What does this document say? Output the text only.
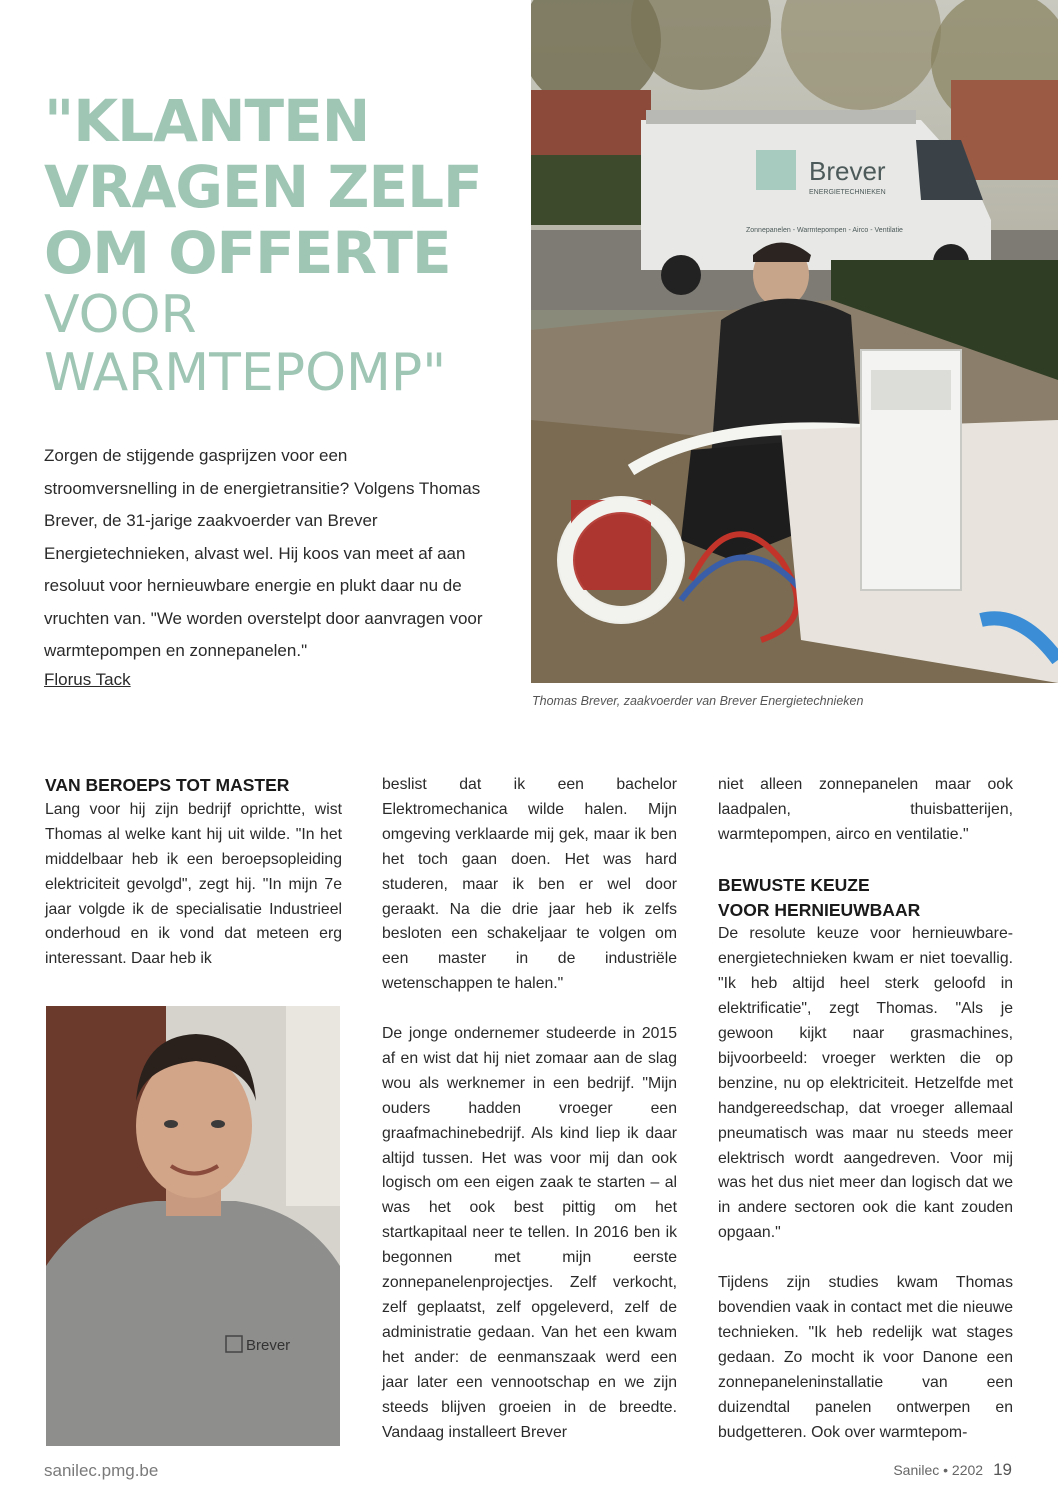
"KLANTEN
VRAGEN ZELF
OM OFFERTE
VOOR
WARMTEPOMP"

Zorgen de stijgende gasprijzen voor een stroomversnelling in de energietransitie? Volgens Thomas Brever, de 31-jarige zaakvoerder van Brever Energietechnieken, alvast wel. Hij koos van meet af aan resoluut voor hernieuwbare energie en plukt daar nu de vruchten van. "We worden overstelpt door aanvragen voor warmtepompen en zonnepanelen."

Florus Tack
Brever
ENERGIETECHNIEKEN
Zonnepanelen - Warmtepompen - Airco - Ventilatie
Thomas Brever, zaakvoerder van Brever Energietechnieken
VAN BEROEPS TOT MASTER

Lang voor hij zijn bedrijf oprichtte, wist Thomas al welke kant hij uit wilde. "In het middelbaar heb ik een beroepsopleiding elektriciteit gevolgd", zegt hij. "In mijn 7e jaar volgde ik de specialisatie Industrieel onderhoud en ik vond dat meteen erg interessant. Daar heb ik

Brever

beslist dat ik een bachelor Elektromechanica wilde halen. Mijn omgeving verklaarde mij gek, maar ik ben het toch gaan doen. Het was hard studeren, maar ik ben er wel door geraakt. Na die drie jaar heb ik zelfs besloten een schakeljaar te volgen om een master in de industriële wetenschappen te halen."

De jonge ondernemer studeerde in 2015 af en wist dat hij niet zomaar aan de slag wou als werknemer in een bedrijf. "Mijn ouders hadden vroeger een graafmachinebedrijf. Als kind liep ik daar altijd tussen. Het was voor mij dan ook logisch om een eigen zaak te starten – al was het ook best pittig om het startkapitaal neer te tellen. In 2016 ben ik begonnen met mijn eerste zonnepanelenprojectjes. Zelf verkocht, zelf geplaatst, zelf opgeleverd, zelf de administratie gedaan. Van het een kwam het ander: de eenmanszaak werd een jaar later een vennootschap en we zijn steeds blijven groeien in de breedte. Vandaag installeert Brever

niet alleen zonnepanelen maar ook laadpalen, thuisbatterijen, warmtepompen, airco en ventilatie."

BEWUSTE KEUZE
VOOR HERNIEUWBAAR

De resolute keuze voor hernieuwbare-energietechnieken kwam er niet toevallig. "Ik heb altijd heel sterk geloofd in elektrificatie", zegt Thomas. "Als je gewoon kijkt naar grasmachines, bijvoorbeeld: vroeger werkten die op benzine, nu op elektriciteit. Hetzelfde met handgereedschap, dat vroeger allemaal pneumatisch was maar nu steeds meer elektrisch wordt aangedreven. Voor mij was het dus niet meer dan logisch dat we in andere sectoren ook die kant zouden opgaan."

Tijdens zijn studies kwam Thomas bovendien vaak in contact met die nieuwe technieken. "Ik heb redelijk wat stages gedaan. Zo mocht ik voor Danone een zonnepaneleninstallatie van een duizendtal panelen ontwerpen en budgetteren. Ook over warmtepom-

sanilec.pmg.be	Sanilec • 2202 19
